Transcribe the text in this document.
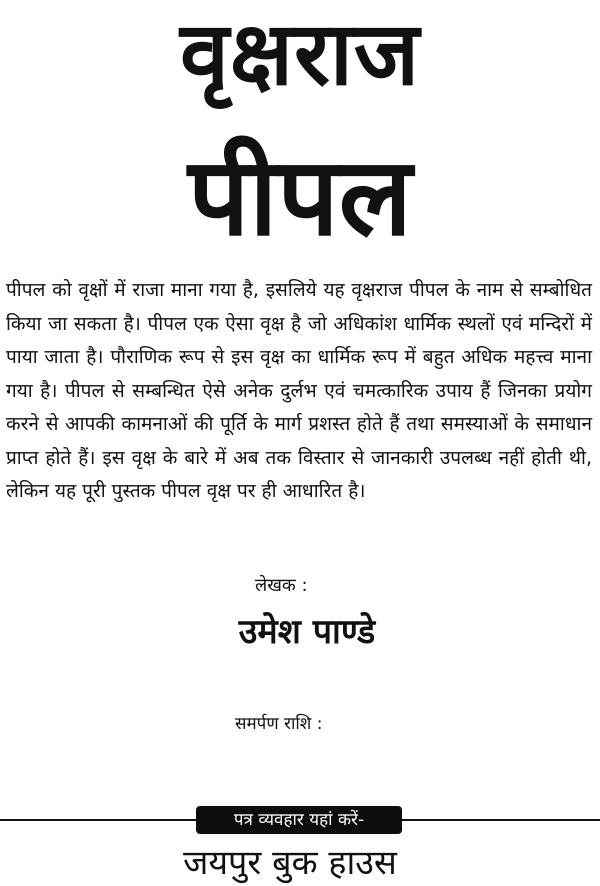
वृक्षराज
पीपल

पीपल को वृक्षों में राजा माना गया है, इसलिये यह वृक्षराज पीपल के नाम से सम्बोधित किया जा सकता है। पीपल एक ऐसा वृक्ष है जो अधिकांश धार्मिक स्थलों एवं मन्दिरों में पाया जाता है। पौराणिक रूप से इस वृक्ष का धार्मिक रूप में बहुत अधिक महत्त्व माना गया है। पीपल से सम्बन्धित ऐसे अनेक दुर्लभ एवं चमत्कारिक उपाय हैं जिनका प्रयोग करने से आपकी कामनाओं की पूर्ति के मार्ग प्रशस्त होते हैं तथा समस्याओं के समाधान प्राप्त होते हैं। इस वृक्ष के बारे में अब तक विस्तार से जानकारी उपलब्ध नहीं होती थी, लेकिन यह पूरी पुस्तक पीपल वृक्ष पर ही आधारित है।

लेखक :
उमेश पाण्डे
समर्पण राशि :
पत्र व्यवहार यहां करें-
जयपुर बुक हाउस
